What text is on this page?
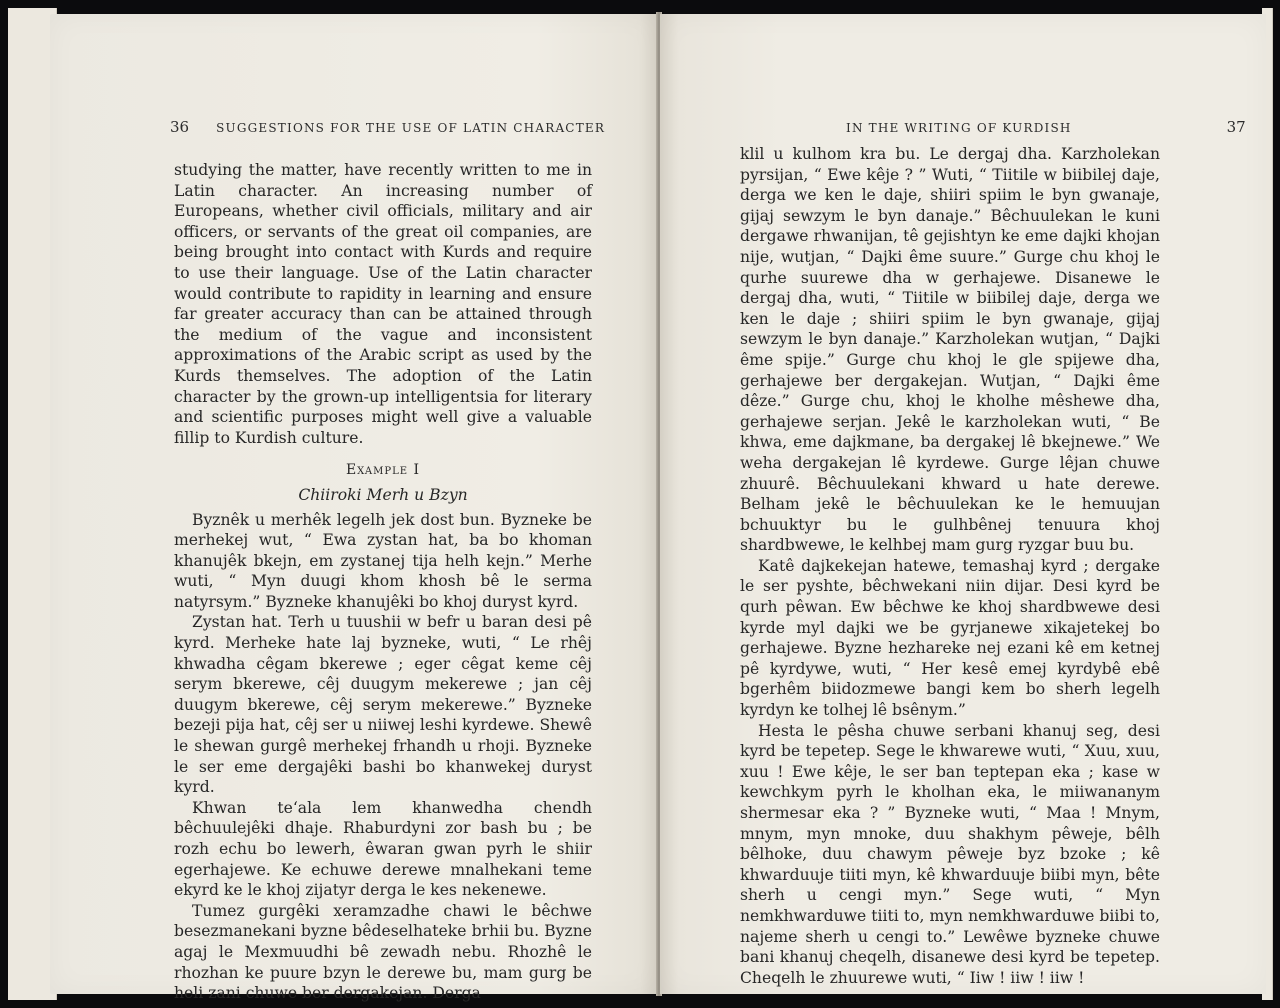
36 SUGGESTIONS FOR THE USE OF LATIN CHARACTER

studying the matter, have recently written to me in Latin character. An increasing number of Europeans, whether civil officials, military and air officers, or servants of the great oil companies, are being brought into contact with Kurds and require to use their language. Use of the Latin character would contribute to rapidity in learning and ensure far greater accuracy than can be attained through the medium of the vague and inconsistent approximations of the Arabic script as used by the Kurds themselves. The adoption of the Latin character by the grown-up intelligentsia for literary and scientific purposes might well give a valuable fillip to Kurdish culture.

Example I
Chiiroki Merh u Bzyn

Byznêk u merhêk legelh jek dost bun. Byzneke be merhekej wut, “ Ewa zystan hat, ba bo khoman khanujêk bkejn, em zystanej tija helh kejn.” Merhe wuti, “ Myn duugi khom khosh bê le serma natyrsym.” Byzneke khanujêki bo khoj duryst kyrd.

Zystan hat. Terh u tuushii w befr u baran desi pê kyrd. Merheke hate laj byzneke, wuti, “ Le rhêj khwadha cêgam bkerewe ; eger cêgat keme cêj serym bkerewe, cêj duugym mekerewe ; jan cêj duugym bkerewe, cêj serym mekerewe.” Byzneke bezeji pija hat, cêj ser u niiwej leshi kyrdewe. Shewê le shewan gurgê merhekej frhandh u rhoji. Byzneke le ser eme dergajêki bashi bo khanwekej duryst kyrd.

Khwan te‘ala lem khanwedha chendh bêchuulejêki dhaje. Rhaburdyni zor bash bu ; be rozh echu bo lewerh, êwaran gwan pyrh le shiir egerhajewe. Ke echuwe derewe mnalhekani teme ekyrd ke le khoj zijatyr derga le kes nekenewe.

Tumez gurgêki xeramzadhe chawi le bêchwe besezmanekani byzne bêdeselhateke brhii bu. Byzne agaj le Mexmuudhi bê zewadh nebu. Rhozhê le rhozhan ke puure bzyn le derewe bu, mam gurg be heli zani chuwe ber dergakejan. Derga

IN THE WRITING OF KURDISH	37

klil u kulhom kra bu. Le dergaj dha. Karzholekan pyrsijan, “ Ewe kêje ? ” Wuti, “ Tiitile w biibilej daje, derga we ken le daje, shiiri spiim le byn gwanaje, gijaj sewzym le byn danaje.” Bêchuulekan le kuni dergawe rhwanijan, tê gejishtyn ke eme dajki khojan nije, wutjan, “ Dajki ême suure.” Gurge chu khoj le qurhe suurewe dha w gerhajewe. Disanewe le dergaj dha, wuti, “ Tiitile w biibilej daje, derga we ken le daje ; shiiri spiim le byn gwanaje, gijaj sewzym le byn danaje.” Karzholekan wutjan, “ Dajki ême spije.” Gurge chu khoj le gle spijewe dha, gerhajewe ber dergakejan. Wutjan, “ Dajki ême dêze.” Gurge chu, khoj le kholhe mêshewe dha, gerhajewe serjan. Jekê le karzholekan wuti, “ Be khwa, eme dajkmane, ba dergakej lê bkejnewe.” We weha dergakejan lê kyrdewe. Gurge lêjan chuwe zhuurê. Bêchuulekani khward u hate derewe. Belham jekê le bêchuulekan ke le hemuujan bchuuktyr bu le gulhbênej tenuura khoj shardbwewe, le kelhbej mam gurg ryzgar buu bu.

Katê dajkekejan hatewe, temashaj kyrd ; dergake le ser pyshte, bêchwekani niin dijar. Desi kyrd be qurh pêwan. Ew bêchwe ke khoj shardbwewe desi kyrde myl dajki we be gyrjanewe xikajetekej bo gerhajewe. Byzne hezhareke nej ezani kê em ketnej pê kyrdywe, wuti, “ Her kesê emej kyrdybê ebê bgerhêm biidozmewe bangi kem bo sherh legelh kyrdyn ke tolhej lê bsênym.”

Hesta le pêsha chuwe serbani khanuj seg, desi kyrd be tepetep. Sege le khwarewe wuti, “ Xuu, xuu, xuu ! Ewe kêje, le ser ban teptepan eka ; kase w kewchkym pyrh le kholhan eka, le miiwananym shermesar eka ? ” Byzneke wuti, “ Maa ! Mnym, mnym, myn mnoke, duu shakhym pêweje, bêlh bêlhoke, duu chawym pêweje byz bzoke ; kê khwarduuje tiiti myn, kê khwarduuje biibi myn, bête sherh u cengi myn.” Sege wuti, “ Myn nemkhwarduwe tiiti to, myn nemkhwarduwe biibi to, najeme sherh u cengi to.” Lewêwe byzneke chuwe bani khanuj cheqelh, disanewe desi kyrd be tepetep. Cheqelh le zhuurewe wuti, “ Iiw ! iiw ! iiw !
